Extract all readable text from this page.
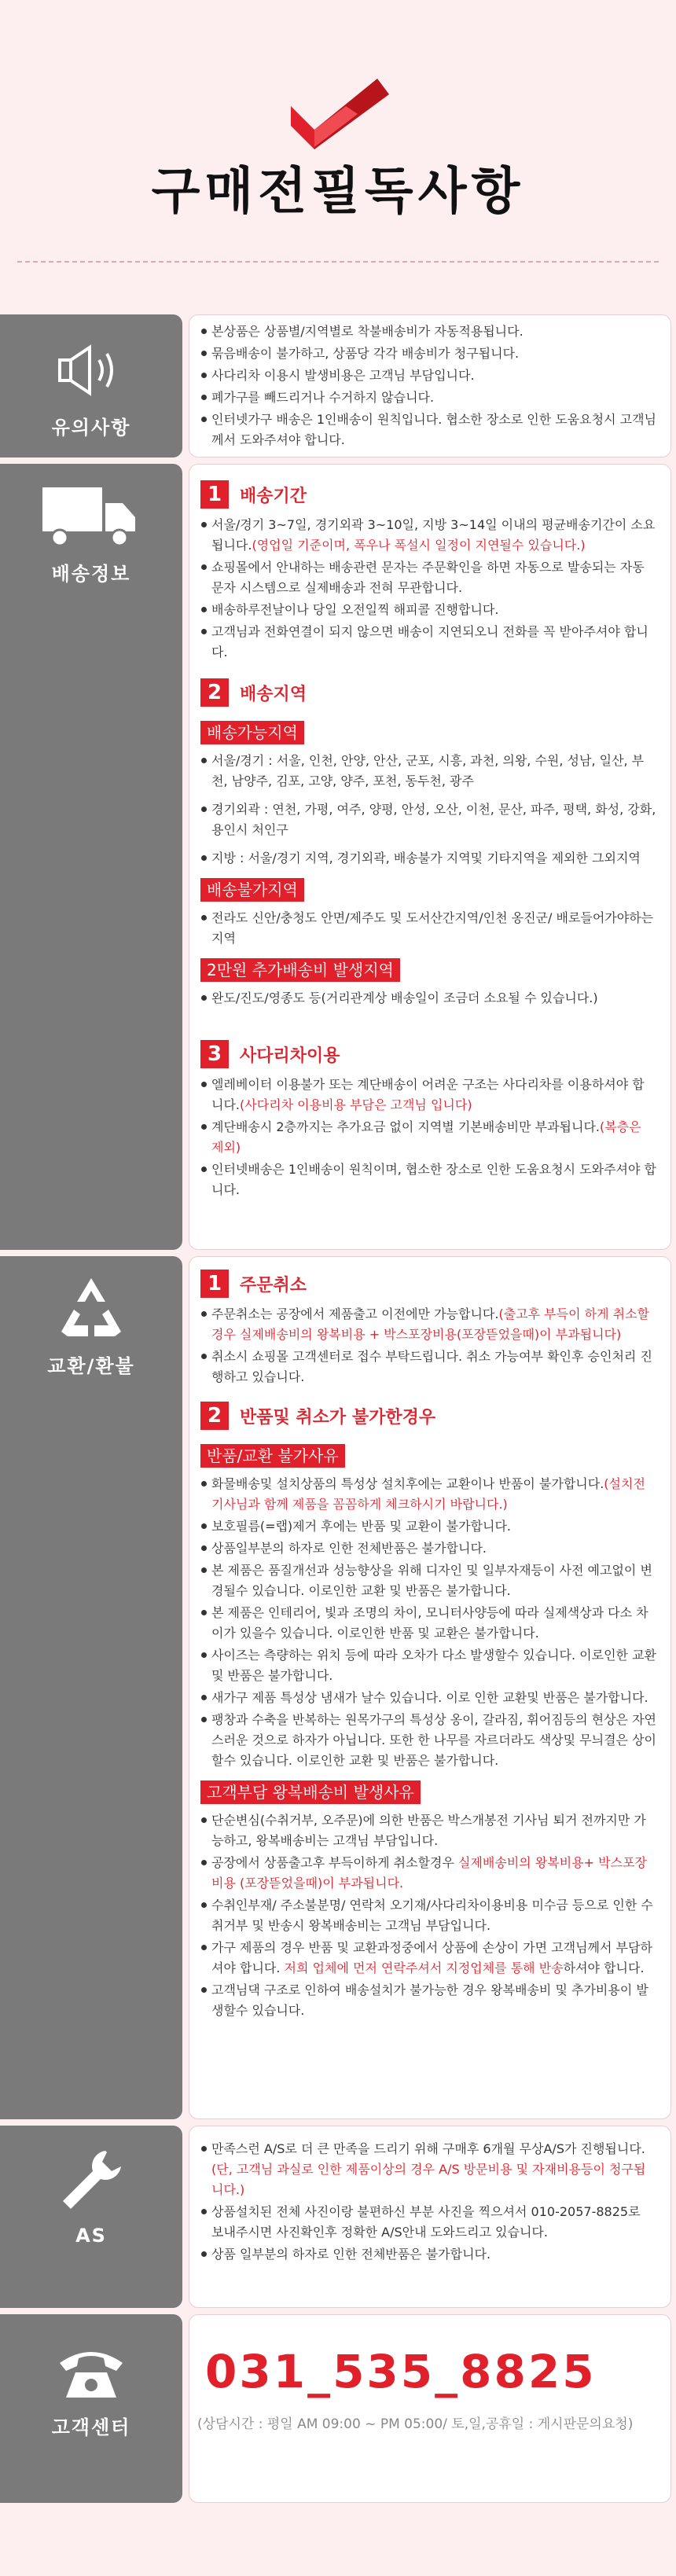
구매전필독사항
유의사항
본상품은 상품별/지역별로 착불배송비가 자동적용됩니다.
묶음배송이 불가하고, 상품당 각각 배송비가 청구됩니다.
사다리차 이용시 발생비용은 고객님 부담입니다.
폐가구를 빼드리거나 수거하지 않습니다.
인터넷가구 배송은 1인배송이 원칙입니다. 협소한 장소로 인한 도움요청시 고객님께서 도와주셔야 합니다.
배송정보
1	배송기간
서울/경기 3~7일, 경기외곽 3~10일, 지방 3~14일 이내의 평균배송기간이 소요됩니다.(영업일 기준이며, 폭우나 폭설시 일정이 지연될수 있습니다.)
쇼핑몰에서 안내하는 배송관련 문자는 주문확인을 하면 자동으로 발송되는 자동문자 시스템으로 실제배송과 전혀 무관합니다.
배송하루전날이나 당일 오전일찍 해피콜 진행합니다.
고객님과 전화연결이 되지 않으면 배송이 지연되오니 전화를 꼭 받아주셔야 합니다.
2	배송지역
배송가능지역
서울/경기 : 서울, 인천, 안양, 안산, 군포, 시흥, 과천, 의왕, 수원, 성남, 일산, 부천, 남양주, 김포, 고양, 양주, 포천, 동두천, 광주
경기외곽 : 연천, 가평, 여주, 양평, 안성, 오산, 이천, 문산, 파주, 평택, 화성, 강화, 용인시 처인구
지방 : 서울/경기 지역, 경기외곽, 배송불가 지역및 기타지역을 제외한 그외지역
배송불가지역
전라도 신안/충청도 안면/제주도 및 도서산간지역/인천 옹진군/ 배로들어가야하는 지역
2만원 추가배송비 발생지역
완도/진도/영종도 등(거리관계상 배송일이 조금더 소요될 수 있습니다.)
3	사다리차이용
엘레베이터 이용불가 또는 계단배송이 어려운 구조는 사다리차를 이용하셔야 합니다.(사다리차 이용비용 부담은 고객님 입니다)
계단배송시 2층까지는 추가요금 없이 지역별 기본배송비만 부과됩니다.(복층은 제외)
인터넷배송은 1인배송이 원칙이며, 협소한 장소로 인한 도움요청시 도와주셔야 합니다.
교환/환불
1	주문취소
주문취소는 공장에서 제품출고 이전에만 가능합니다.(출고후 부득이 하게 취소할 경우 실제배송비의 왕복비용 + 박스포장비용(포장뜯었을때)이 부과됩니다)
취소시 쇼핑몰 고객센터로 접수 부탁드립니다. 취소 가능여부 확인후 승인처리 진행하고 있습니다.
2	반품및 취소가 불가한경우
반품/교환 불가사유
화물배송및 설치상품의 특성상 설치후에는 교환이나 반품이 불가합니다.(설치전 기사님과 함께 제품을 꼼꼼하게 체크하시기 바랍니다.)
보호필름(=랩)제거 후에는 반품 및 교환이 불가합니다.
상품일부분의 하자로 인한 전체반품은 불가합니다.
본 제품은 품질개선과 성능향상을 위해 디자인 및 일부자재등이 사전 예고없이 변경될수 있습니다. 이로인한 교환 및 반품은 불가합니다.
본 제품은 인테리어, 빛과 조명의 차이, 모니터사양등에 따라 실제색상과 다소 차이가 있을수 있습니다. 이로인한 반품 및 교환은 불가합니다.
사이즈는 측량하는 위치 등에 따라 오차가 다소 발생할수 있습니다. 이로인한 교환및 반품은 불가합니다.
새가구 제품 특성상 냄새가 날수 있습니다. 이로 인한 교환및 반품은 불가합니다.
팽창과 수축을 반복하는 원목가구의 특성상 옹이, 갈라짐, 휘어짐등의 현상은 자연스러운 것으로 하자가 아닙니다. 또한 한 나무를 자르더라도 색상및 무늬결은 상이할수 있습니다. 이로인한 교환 및 반품은 불가합니다.
고객부담 왕복배송비 발생사유
단순변심(수취거부, 오주문)에 의한 반품은 박스개봉전 기사님 퇴거 전까지만 가능하고, 왕복배송비는 고객님 부담입니다.
공장에서 상품출고후 부득이하게 취소할경우 실제배송비의 왕복비용+ 박스포장비용 (포장뜯었을때)이 부과됩니다.
수취인부재/ 주소불분명/ 연락처 오기재/사다리차이용비용 미수금 등으로 인한 수취거부 및 반송시 왕복배송비는 고객님 부담입니다.
가구 제품의 경우 반품 및 교환과정중에서 상품에 손상이 가면 고객님께서 부담하셔야 합니다. 저희 업체에 먼저 연락주셔서 지정업체를 통해 반송하셔야 합니다.
고객님댁 구조로 인하여 배송설치가 불가능한 경우 왕복배송비 및 추가비용이 발생할수 있습니다.
AS
만족스런 A/S로 더 큰 만족을 드리기 위해 구매후 6개월 무상A/S가 진행됩니다.(단, 고객님 과실로 인한 제품이상의 경우 A/S 방문비용 및 자재비용등이 청구됩니다.)
상품설치된 전체 사진이랑 불편하신 부분 사진을 찍으셔서 010-2057-8825로 보내주시면 사진확인후 정확한 A/S안내 도와드리고 있습니다.
상품 일부분의 하자로 인한 전체반품은 불가합니다.
고객센터
031_535_8825
(상담시간 : 평일 AM 09:00 ~ PM 05:00/ 토,일,공휴일 : 게시판문의요청)
